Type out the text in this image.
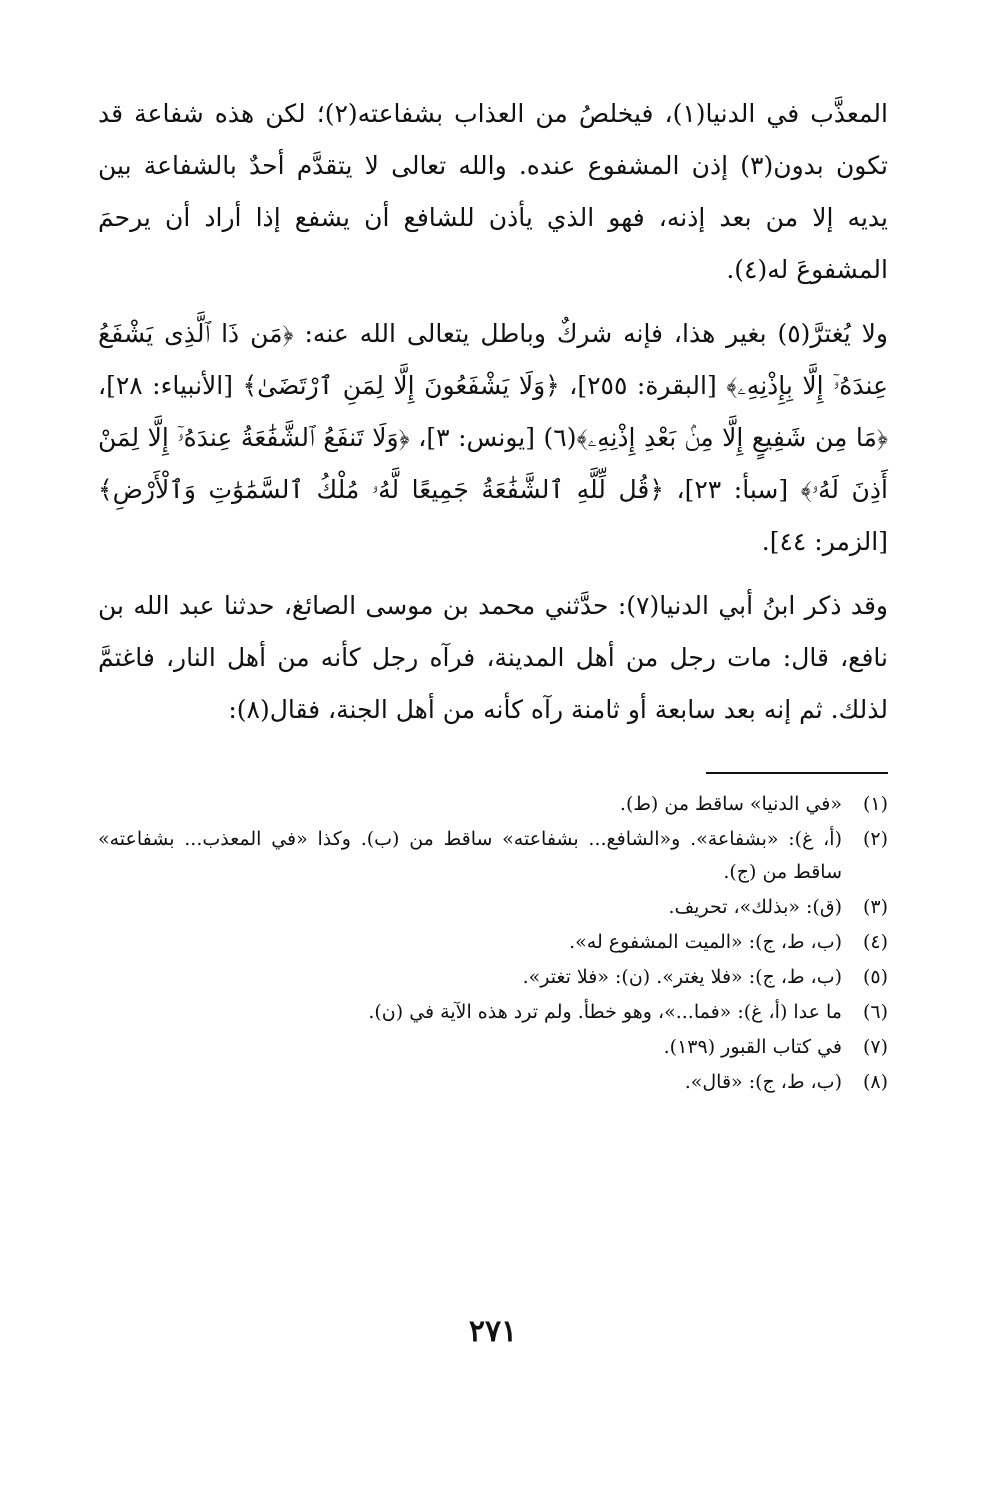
المعذَّب في الدنيا(١)، فيخلصُ من العذاب بشفاعته(٢)؛ لكن هذه شفاعة قد تكون بدون(٣) إذن المشفوع عنده. والله تعالى لا يتقدَّم أحدٌ بالشفاعة بين يديه إلا من بعد إذنه، فهو الذي يأذن للشافع أن يشفع إذا أراد أن يرحمَ المشفوعَ له(٤).

ولا يُغترَّ(٥) بغير هذا، فإنه شركٌ وباطل يتعالى الله عنه: ﴿مَن ذَا ٱلَّذِى يَشْفَعُ عِندَهُۥٓ إِلَّا بِإِذْنِهِۦ﴾ [البقرة: ٢٥٥]، ﴿وَلَا يَشْفَعُونَ إِلَّا لِمَنِ ٱرْتَضَىٰ﴾ [الأنبياء: ٢٨]، ﴿مَا مِن شَفِيعٍ إِلَّا مِنۢ بَعْدِ إِذْنِهِۦ﴾(٦) [يونس: ٣]، ﴿وَلَا تَنفَعُ ٱلشَّفَٰعَةُ عِندَهُۥٓ إِلَّا لِمَنْ أَذِنَ لَهُۥ﴾ [سبأ: ٢٣]، ﴿قُل لِّلَّهِ ٱلشَّفَٰعَةُ جَمِيعًا لَّهُۥ مُلْكُ ٱلسَّمَٰوَٰتِ وَٱلْأَرْضِ﴾ [الزمر: ٤٤].

وقد ذكر ابنُ أبي الدنيا(٧): حدَّثني محمد بن موسى الصائغ، حدثنا عبد الله بن نافع، قال: مات رجل من أهل المدينة، فرآه رجل كأنه من أهل النار، فاغتمَّ لذلك. ثم إنه بعد سابعة أو ثامنة رآه كأنه من أهل الجنة، فقال(٨):

(١)
«في الدنيا» ساقط من (ط).
(٢)
(أ، غ): «بشفاعة». و«الشافع... بشفاعته» ساقط من (ب). وكذا «في المعذب... بشفاعته» ساقط من (ج).
(٣)
(ق): «بذلك»، تحريف.
(٤)
(ب، ط، ج): «الميت المشفوع له».
(٥)
(ب، ط، ج): «فلا يغتر». (ن): «فلا تغتر».
(٦)
ما عدا (أ، غ): «فما...»، وهو خطأ. ولم ترد هذه الآية في (ن).
(٧)
في كتاب القبور (١٣٩).
(٨)
(ب، ط، ج): «قال».
٢٧١
